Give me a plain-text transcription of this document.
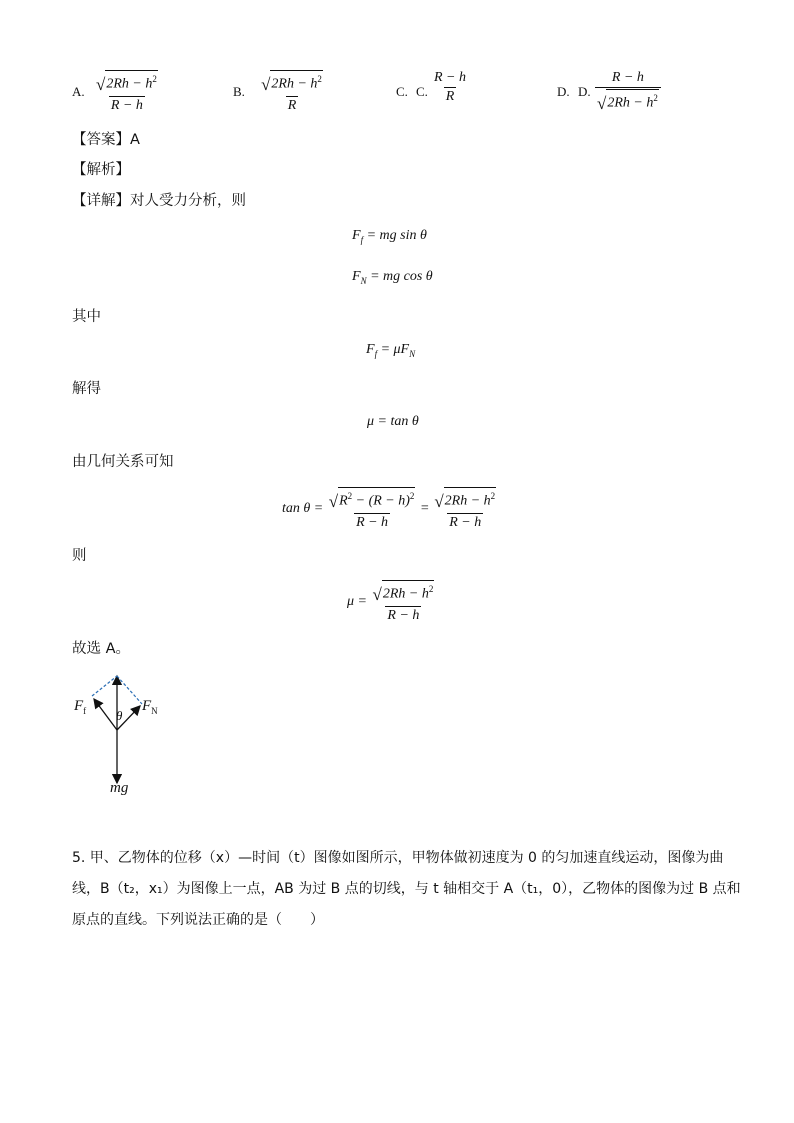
A. $\frac{√ 2Rh - h^2}{R - h}$	B. $\frac{√ 2Rh - h^2}{R}$	C. C. $\frac{R - h}{R}$	D. D. $\frac{R - h}{√ 2Rh - h^2}$
【答案】A
【解析】
【详解】对人受力分析，则
$F_f$ = mg sin θ
$F_N$ = mg cos θ
其中
$F_f = \mu F_N$
解得
μ = tan θ
由几何关系可知
$\tan \theta = \frac{√ R^2 - (R - h)^2}{R - h} = \frac{√ 2Rh - h^2}{R - h}$
则
$\mu = \frac{√ 2Rh - h^2}{R - h}$
故选 A。
$F_f$	$F_N$
θ
mg
5. 甲、乙物体的位移（x）—时间（t）图像如图所示，甲物体做初速度为 0 的匀加速直线运动，图像为曲
线，B（t₂，x₁）为图像上一点，AB 为过 B 点的切线，与 t 轴相交于 A（t₁，0），乙物体的图像为过 B 点和
原点的直线。下列说法正确的是（　　）
